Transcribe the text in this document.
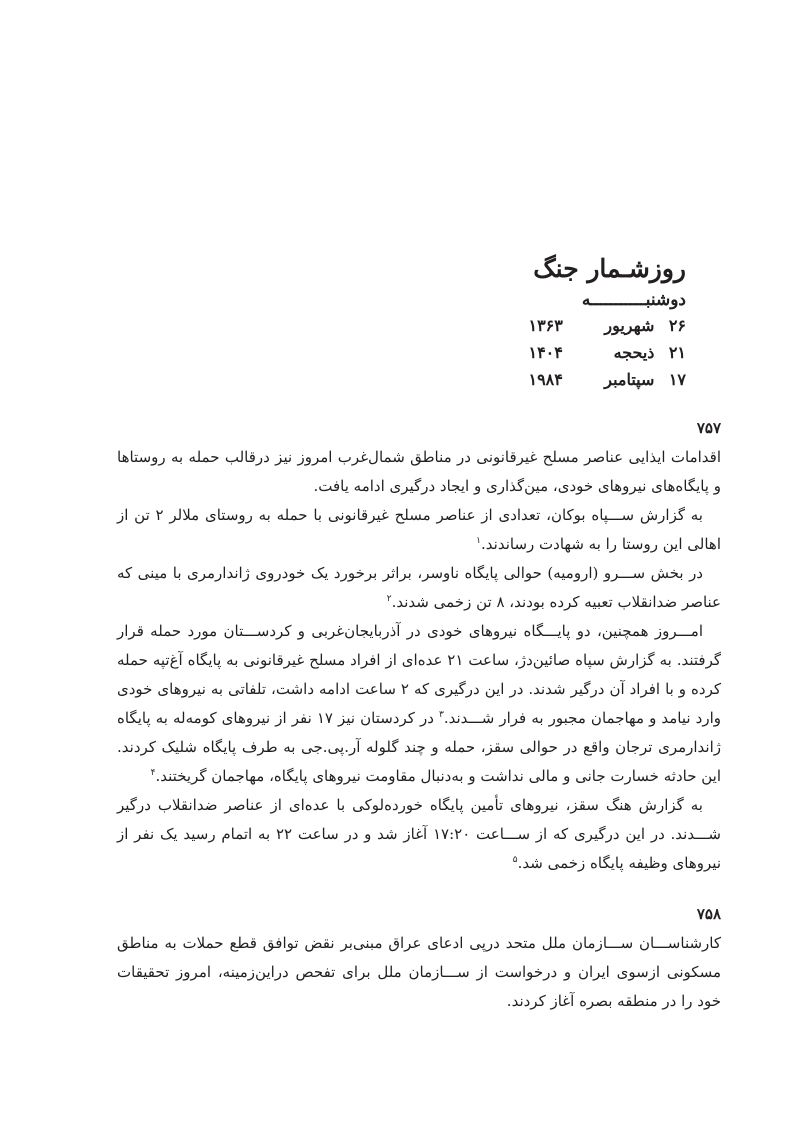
روزشـمار جنگ
دوشنبـــــــــــه
۲۶ شهریور ۱۳۶۳
۲۱ ذیحجه ۱۴۰۴
۱۷ سپتامبر ۱۹۸۴
۷۵۷

اقدامات ایذایی عناصر مسلح غیرقانونی در مناطق شمال‌غرب امروز نیز درقالب حمله به روستاها و پایگاه‌های نیروهای خودی، مین‌گذاری و ایجاد درگیری ادامه یافت.

به گزارش ســـپاه بوکان، تعدادی از عناصر مسلح غیرقانونی با حمله به روستای ملالر ۲ تن از اهالی این روستا را به شهادت رساندند.$^۱$

در بخش ســـرو (ارومیه) حوالی پایگاه ناوسر، براثر برخورد یک خودروی ژاندارمری با مینی که عناصر ضدانقلاب تعبیه کرده بودند، ۸ تن زخمی شدند.$^۲$

امـــروز همچنین، دو پایـــگاه نیروهای خودی در آذربایجان‌غربی و کردســـتان مورد حمله قرار گرفتند. به گزارش سپاه صائین‌دژ، ساعت ۲۱ عده‌ای از افراد مسلح غیرقانونی به پایگاه آغ‌تپه حمله کرده و با افراد آن درگیر شدند. در این درگیری که ۲ ساعت ادامه داشت، تلفاتی به نیروهای خودی وارد نیامد و مهاجمان مجبور به فرار شـــدند.$^۳$ در کردستان نیز ۱۷ نفر از نیروهای کومه‌له به پایگاه ژاندارمری ترجان واقع در حوالی سقز، حمله و چند گلوله آر.پی.جی به طرف پایگاه شلیک کردند. این حادثه خسارت جانی و مالی نداشت و به‌دنبال مقاومت نیروهای پایگاه، مهاجمان گریختند.$^۴$

به گزارش هنگ سقز، نیروهای تأمین پایگاه خورده‌لوکی با عده‌ای از عناصر ضدانقلاب درگیر شـــدند. در این درگیری که از ســـاعت ۱۷:۲۰ آغاز شد و در ساعت ۲۲ به اتمام رسید یک نفر از نیروهای وظیفه پایگاه زخمی شد.$^۵$

۷۵۸

کارشناســـان ســـازمان ملل متحد درپی ادعای عراق مبنی‌بر نقض توافق قطع حملات به مناطق مسکونی ازسوی ایران و درخواست از ســـازمان ملل برای تفحص دراین‌زمینه، امروز تحقیقات خود را در منطقه بصره آغاز کردند.
